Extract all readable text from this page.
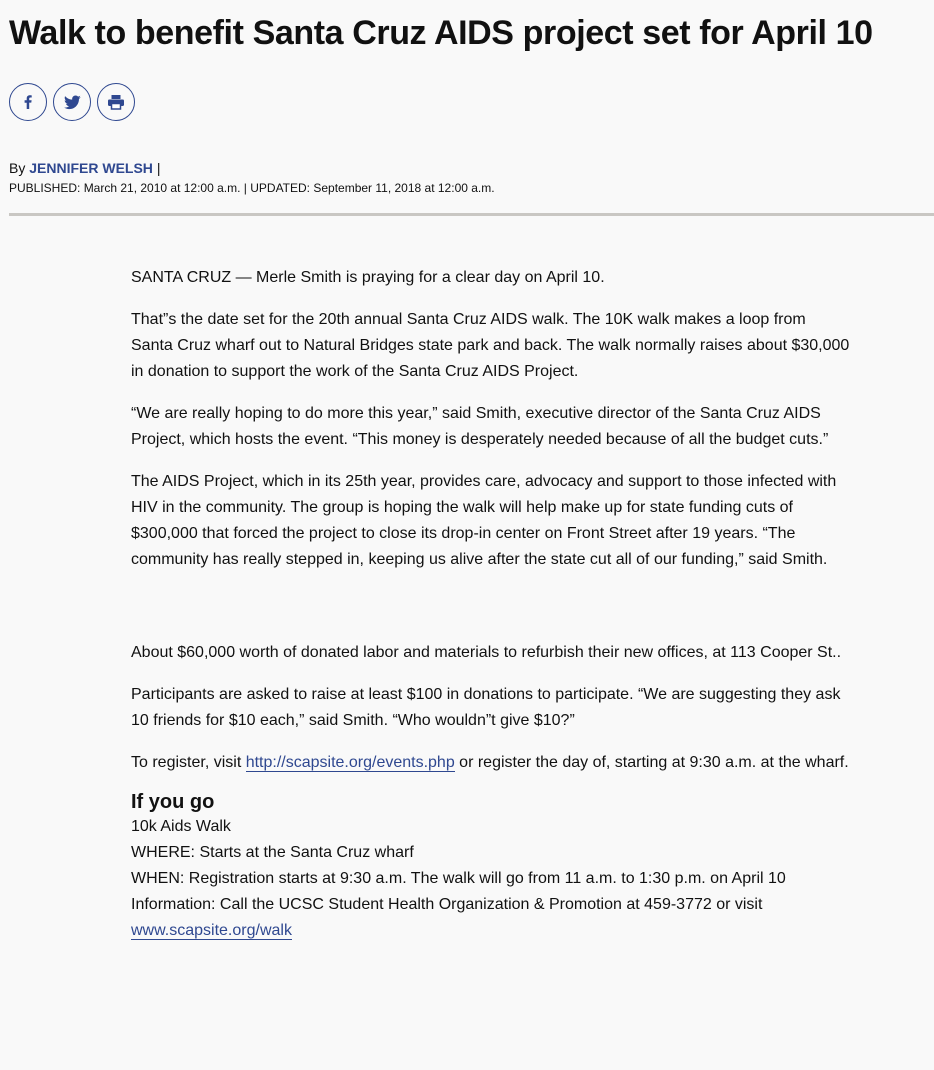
Walk to benefit Santa Cruz AIDS project set for April 10
By JENNIFER WELSH |
PUBLISHED: March 21, 2010 at 12:00 a.m. | UPDATED: September 11, 2018 at 12:00 a.m.

SANTA CRUZ — Merle Smith is praying for a clear day on April 10.

That”s the date set for the 20th annual Santa Cruz AIDS walk. The 10K walk makes a loop from Santa Cruz wharf out to Natural Bridges state park and back. The walk normally raises about $30,000 in donation to support the work of the Santa Cruz AIDS Project.

“We are really hoping to do more this year,” said Smith, executive director of the Santa Cruz AIDS Project, which hosts the event. “This money is desperately needed because of all the budget cuts.”

The AIDS Project, which in its 25th year, provides care, advocacy and support to those infected with HIV in the community. The group is hoping the walk will help make up for state funding cuts of $300,000 that forced the project to close its drop-in center on Front Street after 19 years. “The community has really stepped in, keeping us alive after the state cut all of our funding,” said Smith.

About $60,000 worth of donated labor and materials to refurbish their new offices, at 113 Cooper St..

Participants are asked to raise at least $100 in donations to participate. “We are suggesting they ask 10 friends for $10 each,” said Smith. “Who wouldn”t give $10?”

To register, visit http://scapsite.org/events.php or register the day of, starting at 9:30 a.m. at the wharf.

If you go
10k Aids Walk
WHERE: Starts at the Santa Cruz wharf
WHEN: Registration starts at 9:30 a.m. The walk will go from 11 a.m. to 1:30 p.m. on April 10
Information: Call the UCSC Student Health Organization & Promotion at 459-3772 or visit
www.scapsite.org/walk
